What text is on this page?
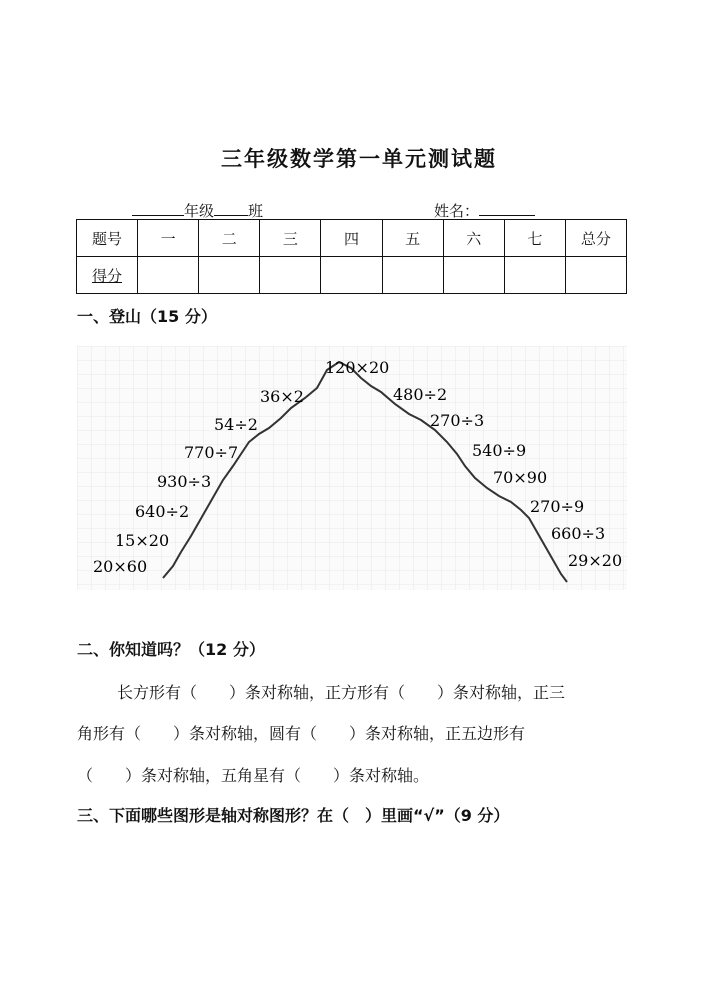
三年级数学第一单元测试题
年级 班	姓名：
题号	一	二	三	四	五	六	七	总分
得分								
一、登山（15 分）
20×60
15×20
640÷2
930÷3
770÷7
54÷2
36×2
120×20
480÷2
270÷3
540÷9
70×90
270÷9
660÷3
29×20
二、你知道吗？（12 分）
长方形有（　　）条对称轴，正方形有（　　）条对称轴，正三
角形有（　　）条对称轴，圆有（　　）条对称轴，正五边形有
（　　）条对称轴，五角星有（　　）条对称轴。
三、下面哪些图形是轴对称图形？在（　）里画“√”（9 分）
